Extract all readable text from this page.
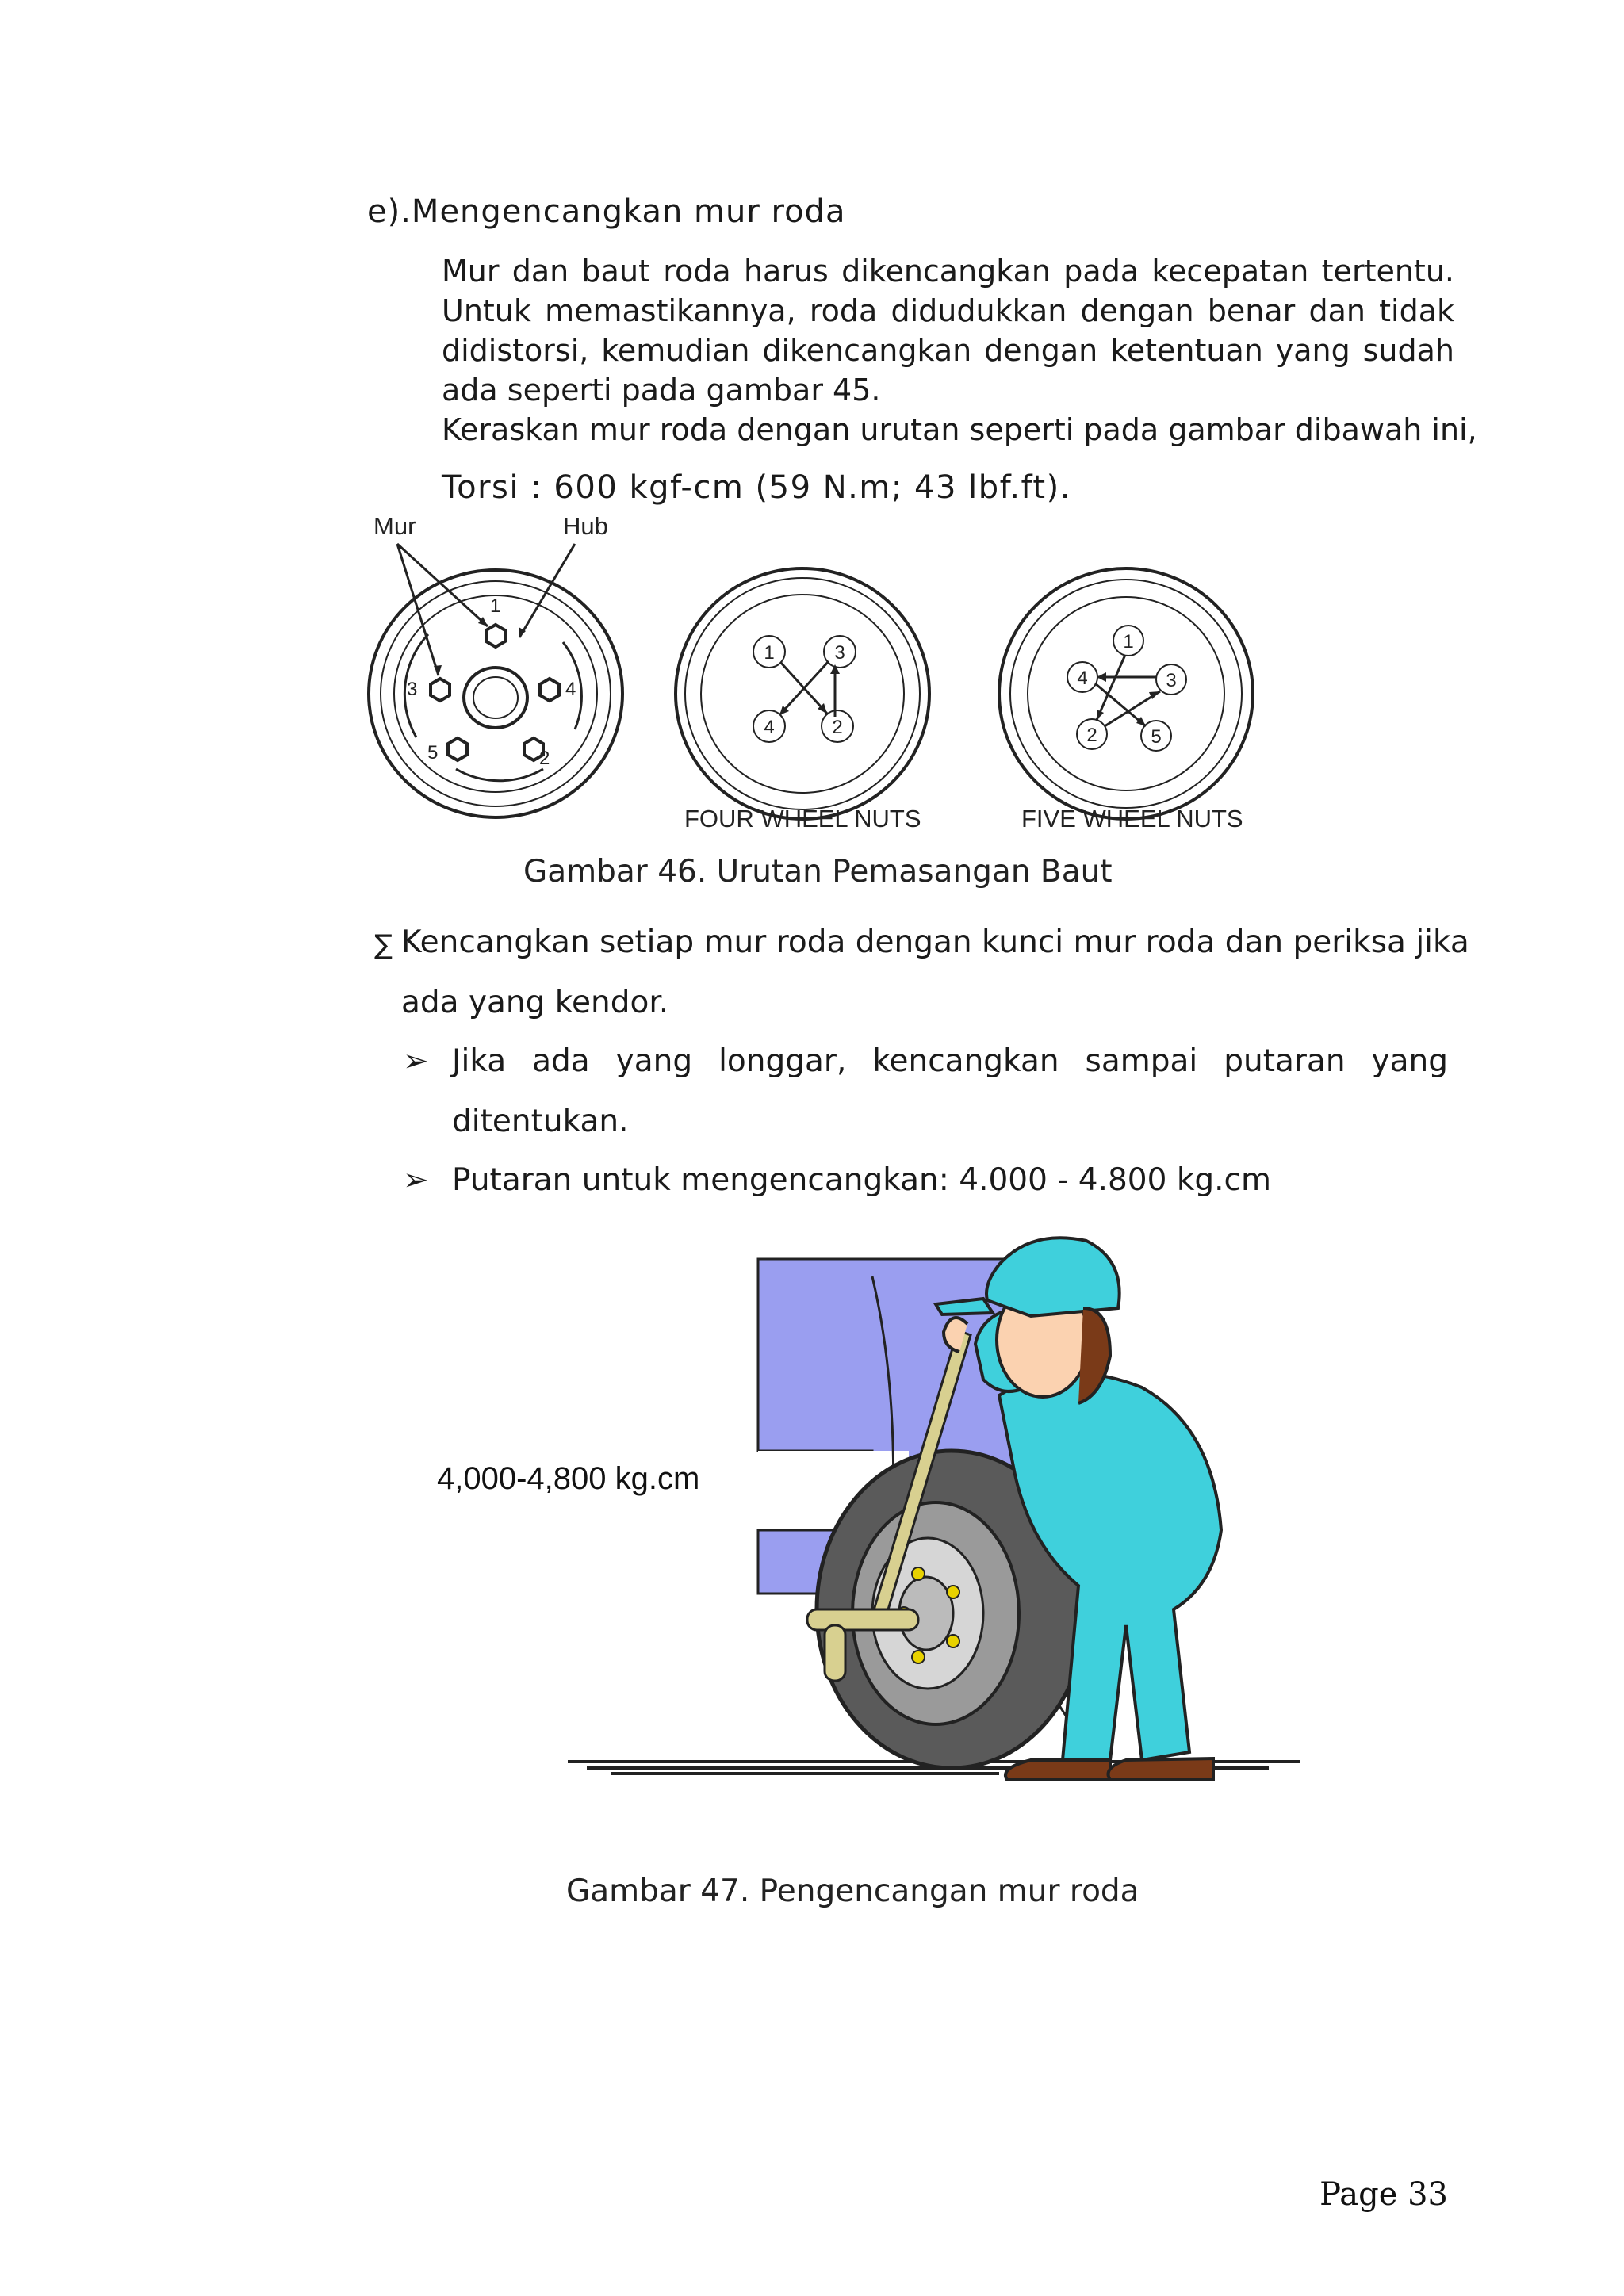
e).Mengencangkan mur roda
Mur dan baut roda harus dikencangkan pada kecepatan tertentu.
Untuk memastikannya, roda didudukkan dengan benar dan tidak
didistorsi, kemudian dikencangkan dengan ketentuan yang sudah
ada seperti pada gambar 45.
Keraskan mur roda dengan urutan seperti pada gambar dibawah ini,
Torsi : 600 kgf-cm (59 N.m; 43 lbf.ft).
Mur	Hub
1
3	4
5	2
1	3
4	2
FOUR WHEEL NUTS
1
4	3
2	5
FIVE WHEEL NUTS
Gambar 46. Urutan Pemasangan Baut
∑ Kencangkan setiap mur roda dengan kunci mur roda dan periksa jika
ada yang kendor.
➢ Jika ada yang longgar, kencangkan sampai putaran yang
ditentukan.
➢ Putaran untuk mengencangkan: 4.000 - 4.800 kg.cm
4,000-4,800 kg.cm
Gambar 47. Pengencangan mur roda
Page 33
